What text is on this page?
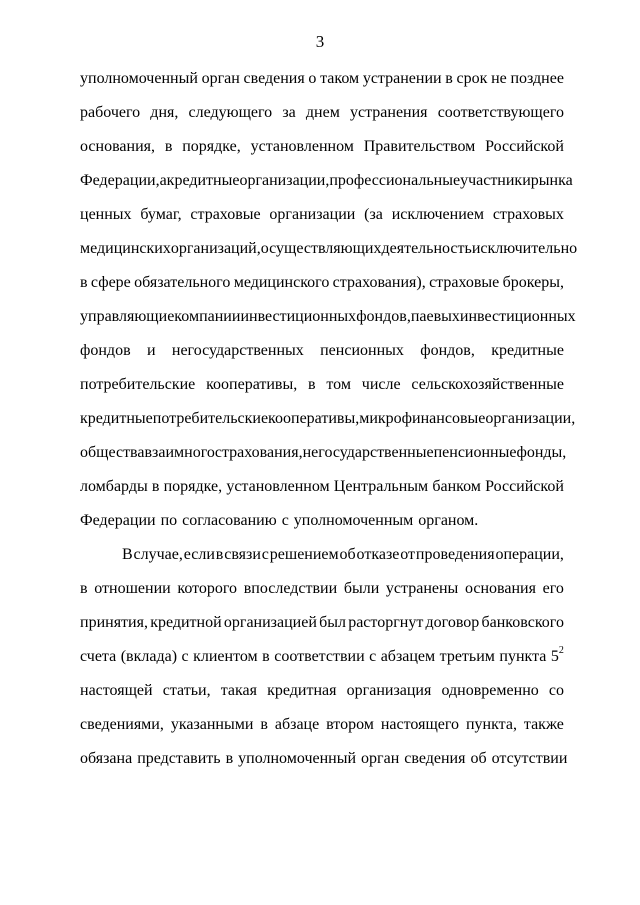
3
уполномоченный орган сведения о таком устранении в срок не позднее
рабочего дня, следующего за днем устранения соответствующего
основания, в порядке, установленном Правительством Российской
Федерации, а кредитные организации, профессиональные участники рынка
ценных бумаг, страховые организации (за исключением страховых
медицинских организаций, осуществляющих деятельность исключительно
в сфере обязательного медицинского страхования), страховые брокеры,
управляющие компании инвестиционных фондов, паевых инвестиционных
фондов и негосударственных пенсионных фондов, кредитные
потребительские кооперативы, в том числе сельскохозяйственные
кредитные потребительские кооперативы, микрофинансовые организации,
общества взаимного страхования, негосударственные пенсионные фонды,
ломбарды в порядке, установленном Центральным банком Российской
Федерации по согласованию с уполномоченным органом.
В случае, если в связи с решением об отказе от проведения операции,
в отношении которого впоследствии были устранены основания его
принятия, кредитной организацией был расторгнут договор банковского
счета (вклада) с клиентом в соответствии с абзацем третьим пункта $5^2$
настоящей статьи, такая кредитная организация одновременно со
сведениями, указанными в абзаце втором настоящего пункта, также
обязана представить в уполномоченный орган сведения об отсутствии
